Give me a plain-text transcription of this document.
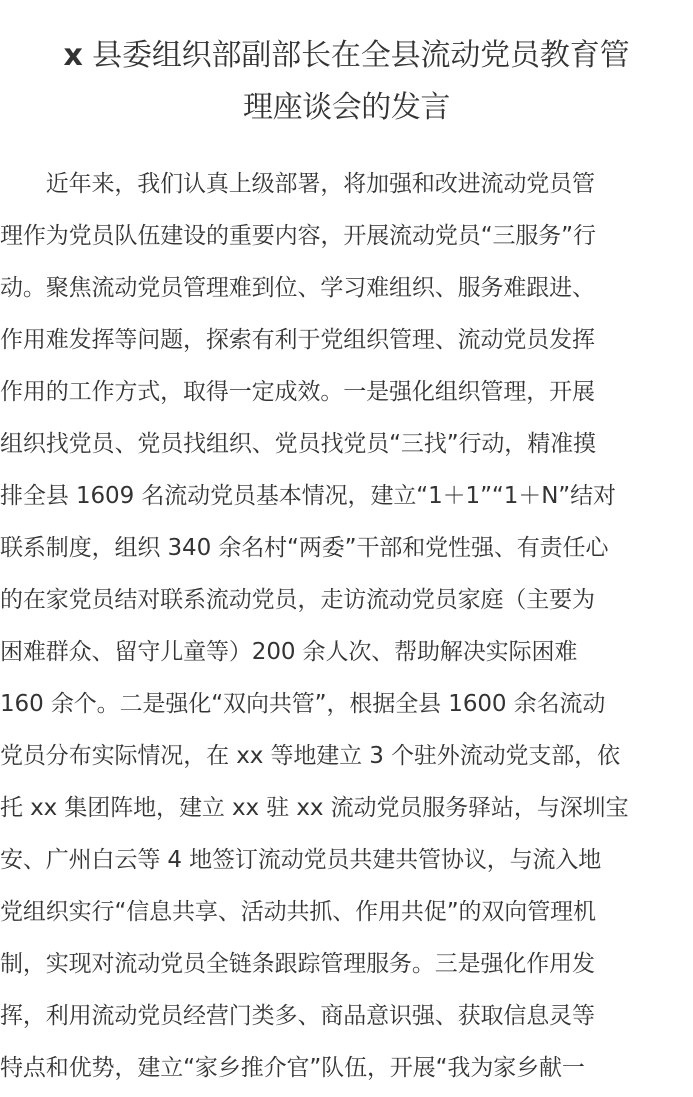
x 县委组织部副部长在全县流动党员教育管
理座谈会的发言
　　近年来，我们认真上级部署，将加强和改进流动党员管
理作为党员队伍建设的重要内容，开展流动党员“三服务”行
动。聚焦流动党员管理难到位、学习难组织、服务难跟进、
作用难发挥等问题，探索有利于党组织管理、流动党员发挥
作用的工作方式，取得一定成效。一是强化组织管理，开展
组织找党员、党员找组织、党员找党员“三找”行动，精准摸
排全县 1609 名流动党员基本情况，建立“1＋1”“1＋N”结对
联系制度，组织 340 余名村“两委”干部和党性强、有责任心
的在家党员结对联系流动党员，走访流动党员家庭（主要为
困难群众、留守儿童等）200 余人次、帮助解决实际困难
160 余个。二是强化“双向共管”，根据全县 1600 余名流动
党员分布实际情况，在 xx 等地建立 3 个驻外流动党支部，依
托 xx 集团阵地，建立 xx 驻 xx 流动党员服务驿站，与深圳宝
安、广州白云等 4 地签订流动党员共建共管协议，与流入地
党组织实行“信息共享、活动共抓、作用共促”的双向管理机
制，实现对流动党员全链条跟踪管理服务。三是强化作用发
挥，利用流动党员经营门类多、商品意识强、获取信息灵等
特点和优势，建立“家乡推介官”队伍，开展“我为家乡献一
